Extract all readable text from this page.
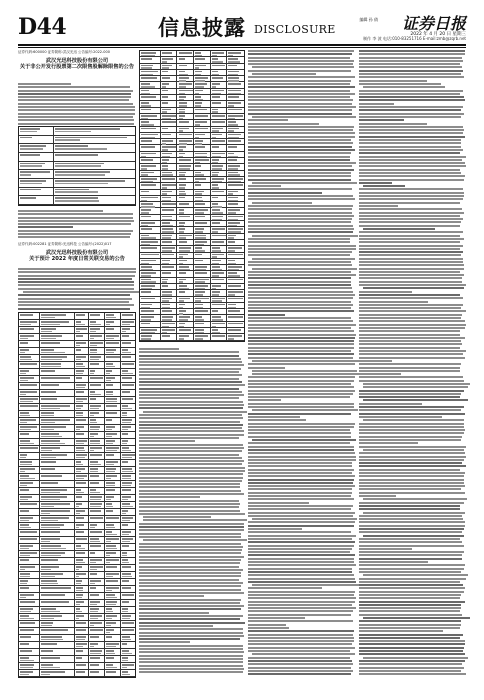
D44	信息披露 DISCLOSURE
编辑 孙 倩 证券日报
2022 年 4 月 20 日 星期三
制作 李 波 电话:010-83251716 E-mail:zmb@zqrb.net
证券代码:600000 证券简称:武汉光迅 公告编号:2022-000
武汉光迅科技股份有限公司
关于非公开发行股票第二次限售股解除限售的公告
证券代码:002281 证券简称:光迅科技 公告编号:(2022)017
武汉光迅科技股份有限公司
关于预计 2022 年度日常关联交易的公告
